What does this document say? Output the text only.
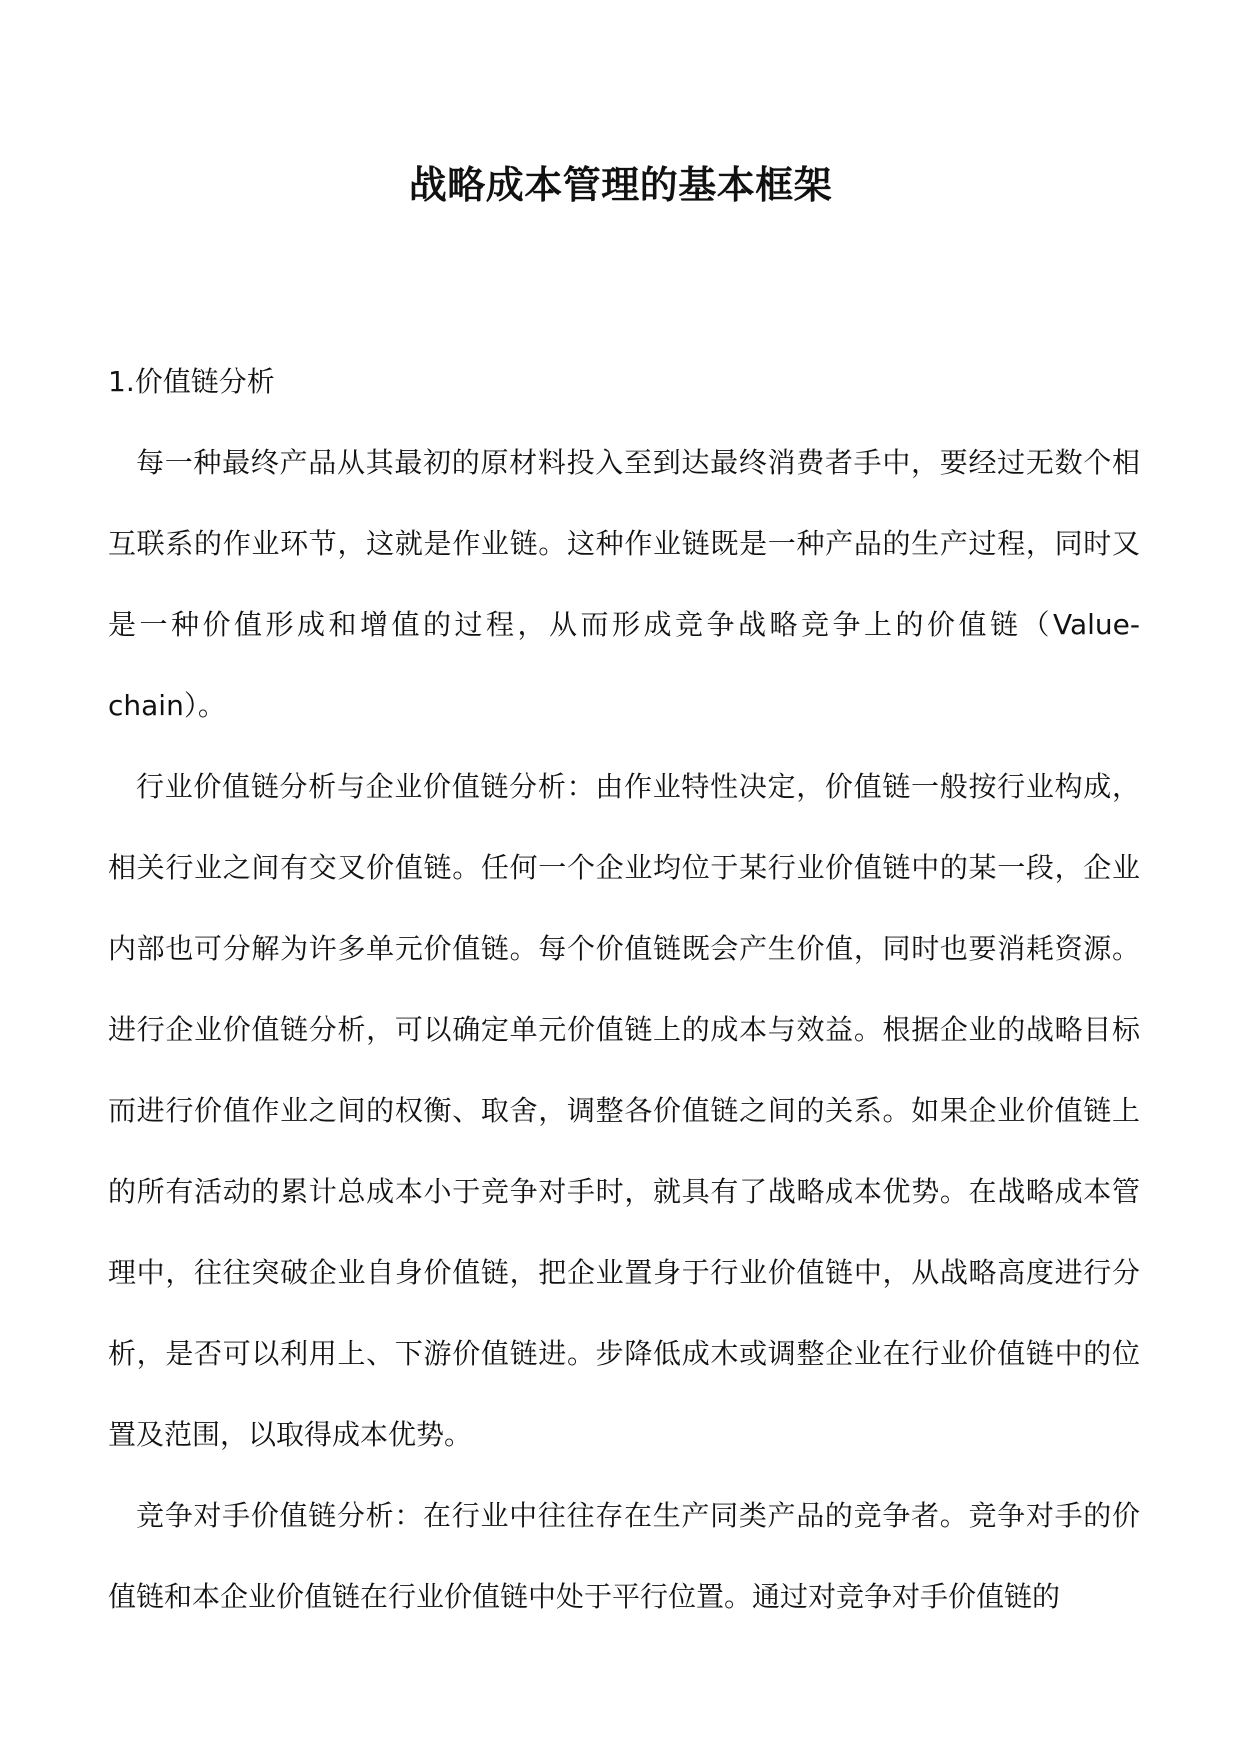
战略成本管理的基本框架

1.价值链分析

每一种最终产品从其最初的原材料投入至到达最终消费者手中，要经过无数个相互联系的作业环节，这就是作业链。这种作业链既是一种产品的生产过程，同时又是一种价值形成和增值的过程，从而形成竞争战略竞争上的价值链（Value-chain）。

行业价值链分析与企业价值链分析：由作业特性决定，价值链一般按行业构成，相关行业之间有交叉价值链。任何一个企业均位于某行业价值链中的某一段，企业内部也可分解为许多单元价值链。每个价值链既会产生价值，同时也要消耗资源。进行企业价值链分析，可以确定单元价值链上的成本与效益。根据企业的战略目标而进行价值作业之间的权衡、取舍，调整各价值链之间的关系。如果企业价值链上的所有活动的累计总成本小于竞争对手时，就具有了战略成本优势。在战略成本管理中，往往突破企业自身价值链，把企业置身于行业价值链中，从战略高度进行分析，是否可以利用上、下游价值链进。步降低成木或调整企业在行业价值链中的位置及范围，以取得成本优势。

竞争对手价值链分析：在行业中往往存在生产同类产品的竞争者。竞争对手的价值链和本企业价值链在行业价值链中处于平行位置。通过对竞争对手价值链的
